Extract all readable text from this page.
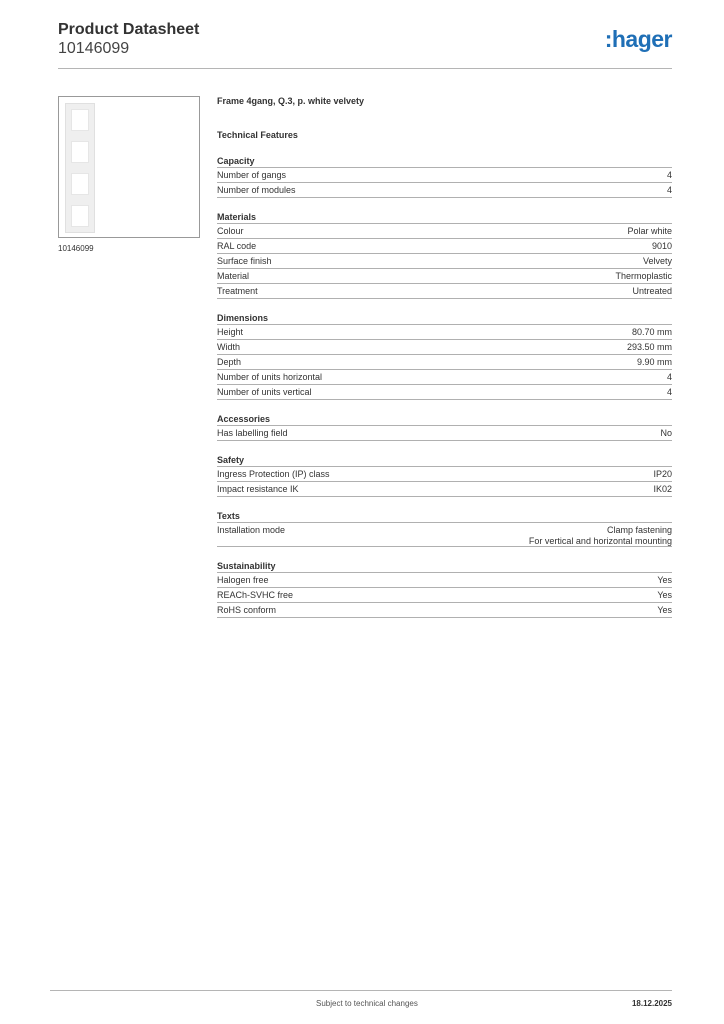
Product Datasheet
10146099	:hager
10146099
Frame 4gang, Q.3, p. white velvety
Technical Features
Capacity
Number of gangs	4
Number of modules	4
Materials
Colour	Polar white
RAL code	9010
Surface finish	Velvety
Material	Thermoplastic
Treatment	Untreated
Dimensions
Height	80.70 mm
Width	293.50 mm
Depth	9.90 mm
Number of units horizontal	4
Number of units vertical	4
Accessories
Has labelling field	No
Safety
Ingress Protection (IP) class	IP20
Impact resistance IK	IK02
Texts
Installation mode	Clamp fastening
For vertical and horizontal mounting
Sustainability
Halogen free	Yes
REACh-SVHC free	Yes
RoHS conform	Yes
Subject to technical changes	18.12.2025
